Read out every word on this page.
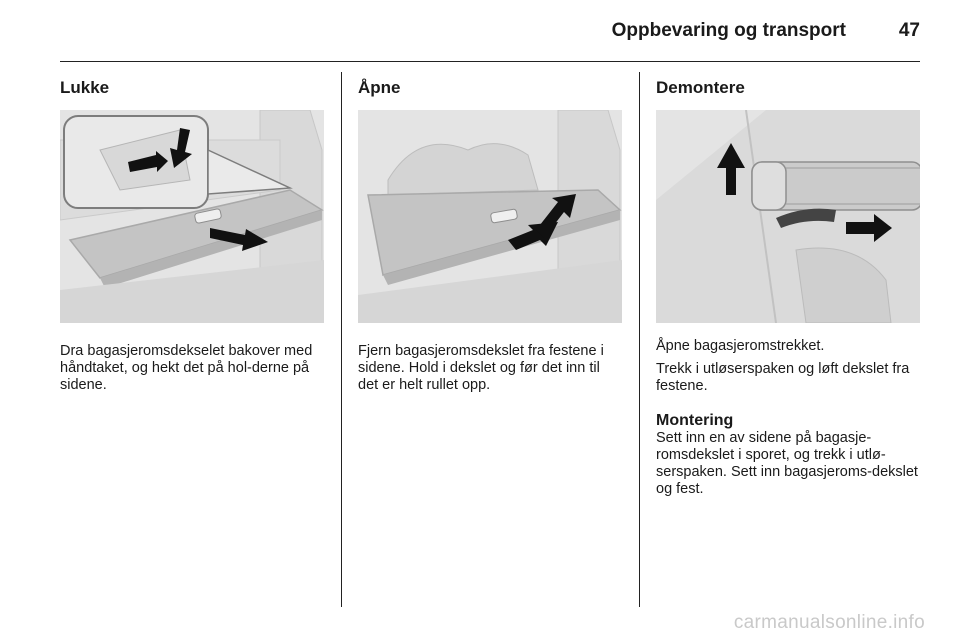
Oppbevaring og transport	47
Lukke

Dra bagasjeromsdekselet bakover med håndtaket, og hekt det på hol-derne på sidene.

Åpne

Fjern bagasjeromsdekslet fra festene i sidene. Hold i dekslet og før det inn til det er helt rullet opp.

Demontere

Åpne bagasjeromstrekket.

Trekk i utløserspaken og løft dekslet fra festene.

Montering

Sett inn en av sidene på bagasje-romsdekslet i sporet, og trekk i utlø-serspaken. Sett inn bagasjeroms-dekslet og fest.

carmanualsonline.info
